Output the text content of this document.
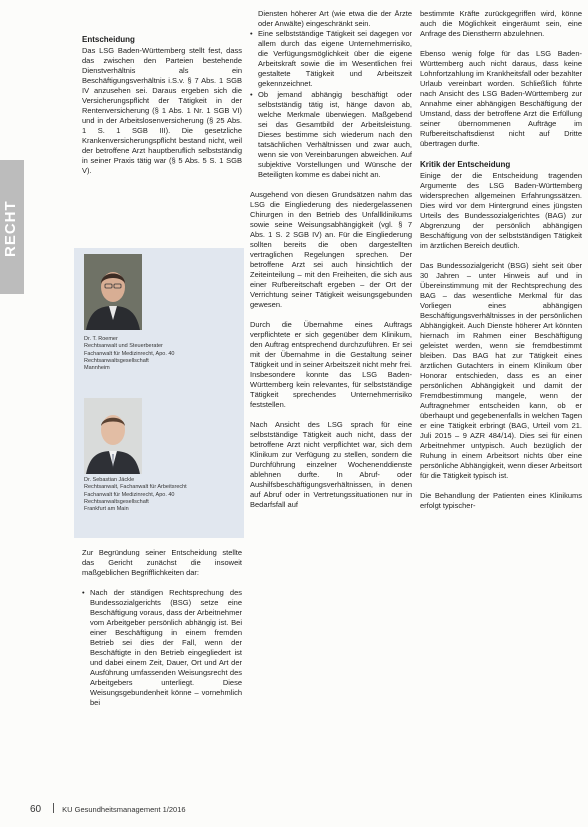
RECHT
Entscheidung

Das LSG Baden-Württemberg stellt fest, dass das zwischen den Parteien bestehende Dienstverhältnis als ein Beschäftigungsverhältnis i.S.v. § 7 Abs. 1 SGB IV anzusehen sei. Daraus ergeben sich die Versicherungspflicht der Tätigkeit in der Rentenversicherung (§ 1 Abs. 1 Nr. 1 SGB VI) und in der Arbeitslosenversicherung (§ 25 Abs. 1 S. 1 SGB III). Die gesetzliche Krankenversicherungspflicht bestand nicht, weil der betroffene Arzt hauptberuflich selbstständig in seiner Praxis tätig war (§ 5 Abs. 5 S. 1 SGB V).

Dr. T. Roemer
Rechtsanwalt und Steuerberater
Fachanwalt für Medizinrecht, Apo. 40
Rechtsanwaltsgesellschaft
Mannheim
Dr. Sebastian Jäckle
Rechtsanwalt, Fachanwalt für Arbeitsrecht
Fachanwalt für Medizinrecht, Apo. 40
Rechtsanwaltsgesellschaft
Frankfurt am Main

Zur Begründung seiner Entscheidung stellte das Gericht zunächst die insoweit maßgeblichen Begrifflichkeiten dar:

• Nach der ständigen Rechtsprechung des Bundessozialgerichts (BSG) setze eine Beschäftigung voraus, dass der Arbeitnehmer vom Arbeitgeber persönlich abhängig ist. Bei einer Beschäftigung in einem fremden Betrieb sei dies der Fall, wenn der Beschäftigte in den Betrieb eingegliedert ist und dabei einem Zeit, Dauer, Ort und Art der Ausführung umfassenden Weisungsrecht des Arbeitgebers unterliegt. Diese Weisungsgebundenheit könne – vornehmlich bei

Diensten höherer Art (wie etwa die der Ärzte oder Anwälte) eingeschränkt sein.

• Eine selbstständige Tätigkeit sei dagegen vor allem durch das eigene Unternehmerrisiko, die Verfügungsmöglichkeit über die eigene Arbeitskraft sowie die im Wesentlichen frei gestaltete Tätigkeit und Arbeitszeit gekennzeichnet.
• Ob jemand abhängig beschäftigt oder selbstständig tätig ist, hänge davon ab, welche Merkmale überwiegen. Maßgebend sei das Gesamtbild der Arbeitsleistung. Dieses bestimme sich wiederum nach den tatsächlichen Verhältnissen und zwar auch, wenn sie von Vereinbarungen abweichen. Auf subjektive Vorstellungen und Wünsche der Beteiligten komme es dabei nicht an.

Ausgehend von diesen Grundsätzen nahm das LSG die Eingliederung des niedergelassenen Chirurgen in den Betrieb des Unfallklinikums sowie seine Weisungsabhängigkeit (vgl. § 7 Abs. 1 S. 2 SGB IV) an. Für die Eingliederung sollten bereits die oben dargestellten vertraglichen Regelungen sprechen. Der betroffene Arzt sei auch hinsichtlich der Zeiteinteilung – mit den Freiheiten, die sich aus einer Rufbereitschaft ergeben – der Ort der Verrichtung seiner Tätigkeit weisungsgebunden gewesen.

Durch die Übernahme eines Auftrags verpflichtete er sich gegenüber dem Klinikum, den Auftrag entsprechend durchzuführen. Er sei mit der Übernahme in die Gestaltung seiner Tätigkeit und in seiner Arbeitszeit nicht mehr frei. Insbesondere konnte das LSG Baden-Württemberg kein relevantes, für selbstständige Tätigkeit sprechendes Unternehmerrisiko feststellen.

Nach Ansicht des LSG sprach für eine selbstständige Tätigkeit auch nicht, dass der betroffene Arzt nicht verpflichtet war, sich dem Klinikum zur Verfügung zu stellen, sondern die Durchführung einzelner Wochenenddienste ablehnen durfte. In Abruf- oder Aushilfsbeschäftigungsverhältnissen, in denen auf Abruf oder in Vertretungssituationen nur in Bedarfsfall auf

bestimmte Kräfte zurückgegriffen wird, könne auch die Möglichkeit eingeräumt sein, eine Anfrage des Dienstherrn abzulehnen.

Ebenso wenig folge für das LSG Baden-Württemberg auch nicht daraus, dass keine Lohnfortzahlung im Krankheitsfall oder bezahlter Urlaub vereinbart worden. Schließlich führte nach Ansicht des LSG Baden-Württemberg zur Annahme einer abhängigen Beschäftigung der Umstand, dass der betroffene Arzt die Erfüllung seiner übernommenen Aufträge im Rufbereitschaftsdienst nicht auf Dritte übertragen durfte.

Kritik der Entscheidung

Einige der die Entscheidung tragenden Argumente des LSG Baden-Württemberg widersprechen allgemeinen Erfahrungssätzen. Dies wird vor dem Hintergrund eines jüngsten Urteils des Bundessozialgerichtes (BAG) zur Abgrenzung der persönlich abhängigen Beschäftigung von der selbstständigen Tätigkeit im ärztlichen Bereich deutlich.

Das Bundessozialgericht (BSG) sieht seit über 30 Jahren – unter Hinweis auf und in Übereinstimmung mit der Rechtsprechung des BAG – das wesentliche Merkmal für das Vorliegen eines abhängigen Beschäftigungsverhältnisses in der persönlichen Abhängigkeit. Auch Dienste höherer Art könnten hiernach im Rahmen einer Beschäftigung geleistet werden, wenn sie fremdbestimmt bleiben. Das BAG hat zur Tätigkeit eines ärztlichen Gutachters in einem Klinikum über Honorar entschieden, dass es an einer persönlichen Abhängigkeit und damit der Fremdbestimmung mangele, wenn der Auftragnehmer entscheiden kann, ob er überhaupt und gegebenenfalls in welchen Tagen er eine Tätigkeit erbringt (BAG, Urteil vom 21. Juli 2015 – 9 AZR 484/14). Dies sei für einen Arbeitnehmer untypisch. Auch bezüglich der Ruhung in einem Arbeitsort nichts über eine persönliche Abhängigkeit, wenn dieser Arbeitsort für die Tätigkeit typisch ist.

Die Behandlung der Patienten eines Klinikums erfolgt typischer-

60	KU Gesundheitsmanagement 1/2016
